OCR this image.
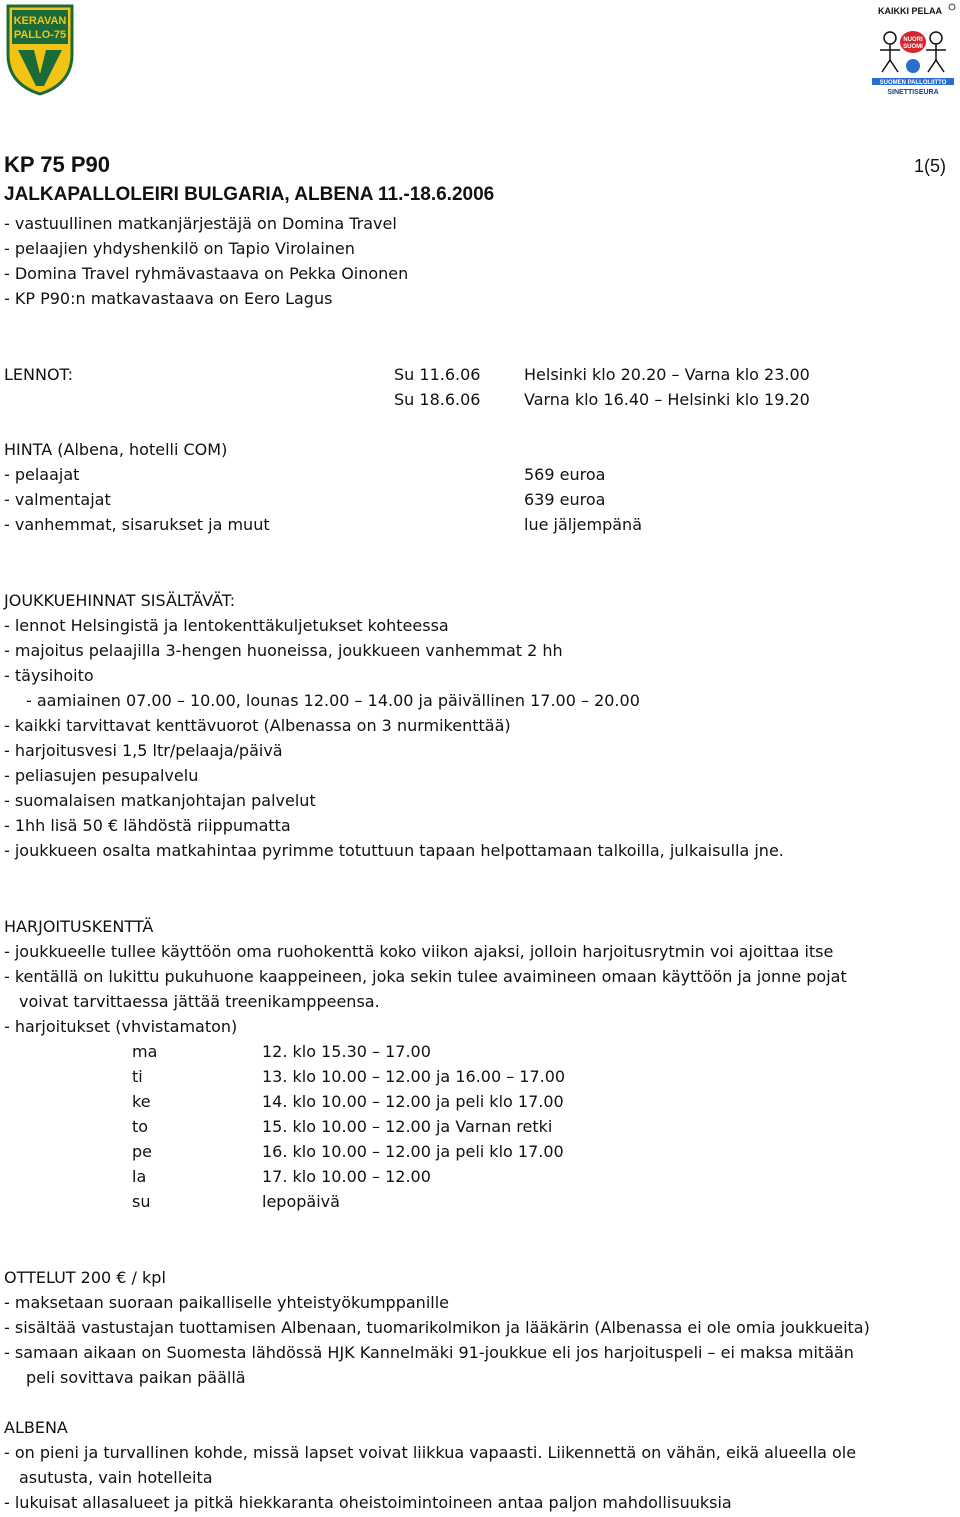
KERAVAN
PALLO-75
KAIKKI PELAA
NUORI
SUOMI
SUOMEN PALLOLIITTO
SINETTISEURA
KP 75 P90	1(5)
JALKAPALLOLEIRI BULGARIA, ALBENA 11.-18.6.2006
- vastuullinen matkanjärjestäjä on Domina Travel
- pelaajien yhdyshenkilö on Tapio Virolainen
- Domina Travel ryhmävastaava on Pekka Oinonen
- KP P90:n matkavastaava on Eero Lagus
LENNOT:	Su 11.6.06	Helsinki klo 20.20 – Varna klo 23.00
Su 18.6.06	Varna klo 16.40 – Helsinki klo 19.20
HINTA (Albena, hotelli COM)
- pelaajat	569 euroa
- valmentajat	639 euroa
- vanhemmat, sisarukset ja muut	lue jäljempänä
JOUKKUEHINNAT SISÄLTÄVÄT:
- lennot Helsingistä ja lentokenttäkuljetukset kohteessa
- majoitus pelaajilla 3-hengen huoneissa, joukkueen vanhemmat 2 hh
- täysihoito
- aamiainen 07.00 – 10.00, lounas 12.00 – 14.00 ja päivällinen 17.00 – 20.00
- kaikki tarvittavat kenttävuorot (Albenassa on 3 nurmikenttää)
- harjoitusvesi 1,5 ltr/pelaaja/päivä
- peliasujen pesupalvelu
- suomalaisen matkanjohtajan palvelut
- 1hh lisä 50 € lähdöstä riippumatta
- joukkueen osalta matkahintaa pyrimme totuttuun tapaan helpottamaan talkoilla, julkaisulla jne.
HARJOITUSKENTTÄ
- joukkueelle tullee käyttöön oma ruohokenttä koko viikon ajaksi, jolloin harjoitusrytmin voi ajoittaa itse
- kentällä on lukittu pukuhuone kaappeineen, joka sekin tulee avaimineen omaan käyttöön ja jonne pojat
voivat tarvittaessa jättää treenikamppeensa.
- harjoitukset (vhvistamaton)
ma	12. klo 15.30 – 17.00
ti	13. klo 10.00 – 12.00 ja 16.00 – 17.00
ke	14. klo 10.00 – 12.00 ja peli klo 17.00
to	15. klo 10.00 – 12.00 ja Varnan retki
pe	16. klo 10.00 – 12.00 ja peli klo 17.00
la	17. klo 10.00 – 12.00
su	lepopäivä
OTTELUT 200 € / kpl
- maksetaan suoraan paikalliselle yhteistyökumppanille
- sisältää vastustajan tuottamisen Albenaan, tuomarikolmikon ja lääkärin (Albenassa ei ole omia joukkueita)
- samaan aikaan on Suomesta lähdössä HJK Kannelmäki 91-joukkue eli jos harjoituspeli – ei maksa mitään
peli sovittava paikan päällä
ALBENA
- on pieni ja turvallinen kohde, missä lapset voivat liikkua vapaasti. Liikennettä on vähän, eikä alueella ole
asutusta, vain hotelleita
- lukuisat allasalueet ja pitkä hiekkaranta oheistoimintoineen antaa paljon mahdollisuuksia
